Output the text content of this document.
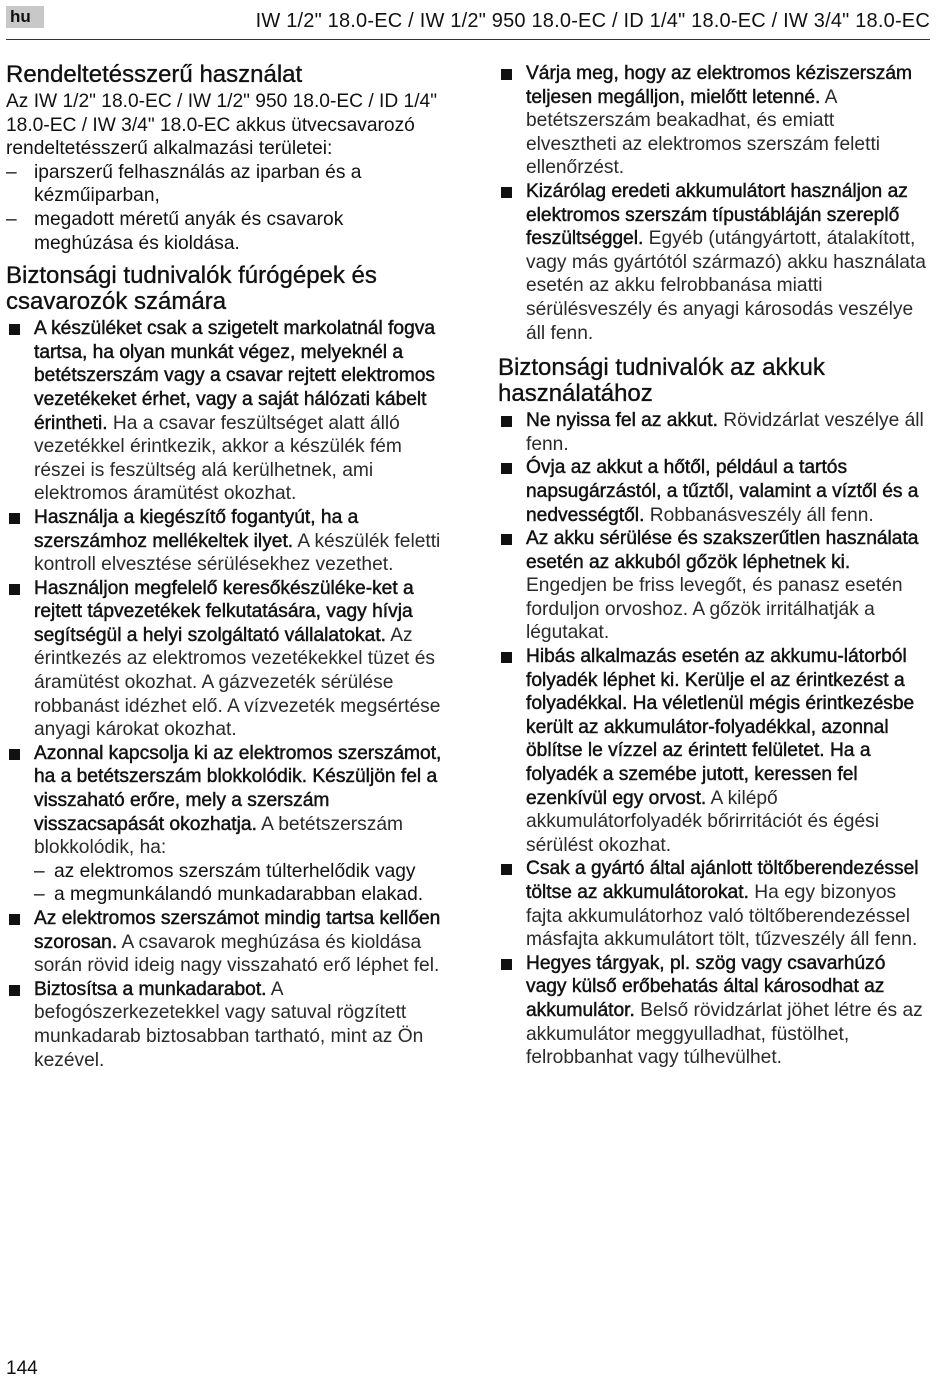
hu	IW 1/2" 18.0-EC / IW 1/2" 950 18.0-EC / ID 1/4" 18.0-EC / IW 3/4" 18.0-EC
Rendeltetésszerű használat

Az IW 1/2" 18.0-EC / IW 1/2" 950 18.0-EC / ID 1/4" 18.0-EC / IW 3/4" 18.0-EC akkus ütvecsavarozó rendeltetésszerű alkalmazási területei:

– iparszerű felhasználás az iparban és a kézműiparban,
– megadott méretű anyák és csavarok meghúzása és kioldása.
Biztonsági tudnivalók fúrógépek és csavarozók számára
A készüléket csak a szigetelt markolatnál fogva tartsa, ha olyan munkát végez, melyeknél a betétszerszám vagy a csavar rejtett elektromos vezetékeket érhet, vagy a saját hálózati kábelt érintheti. Ha a csavar feszültséget alatt álló vezetékkel érintkezik, akkor a készülék fém részei is feszültség alá kerülhetnek, ami elektromos áramütést okozhat.
Használja a kiegészítő fogantyút, ha a szerszámhoz mellékeltek ilyet. A készülék feletti kontroll elvesztése sérülésekhez vezethet.
Használjon megfelelő keresőkészüléke-ket a rejtett tápvezetékek felkutatására, vagy hívja segítségül a helyi szolgáltató vállalatokat. Az érintkezés az elektromos vezetékekkel tüzet és áramütést okozhat. A gázvezeték sérülése robbanást idézhet elő. A vízvezeték megsértése anyagi károkat okozhat.
Azonnal kapcsolja ki az elektromos szerszámot, ha a betétszerszám blokkolódik. Készüljön fel a visszaható erőre, mely a szerszám visszacsapását okozhatja. A betétszerszám blokkolódik, ha:
– az elektromos szerszám túlterhelődik vagy
– a megmunkálandó munkadarabban elakad.
Az elektromos szerszámot mindig tartsa kellően szorosan. A csavarok meghúzása és kioldása során rövid ideig nagy visszaható erő léphet fel.
Biztosítsa a munkadarabot. A befogószerkezetekkel vagy satuval rögzített munkadarab biztosabban tartható, mint az Ön kezével.
Várja meg, hogy az elektromos kéziszerszám teljesen megálljon, mielőtt letenné. A betétszerszám beakadhat, és emiatt elvesztheti az elektromos szerszám feletti ellenőrzést.
Kizárólag eredeti akkumulátort használjon az elektromos szerszám típustábláján szereplő feszültséggel. Egyéb (utángyártott, átalakított, vagy más gyártótól származó) akku használata esetén az akku felrobbanása miatti sérülésveszély és anyagi károsodás veszélye áll fenn.
Biztonsági tudnivalók az akkuk használatához
Ne nyissa fel az akkut. Rövidzárlat veszélye áll fenn.
Óvja az akkut a hőtől, például a tartós napsugárzástól, a tűztől, valamint a víztől és a nedvességtől. Robbanásveszély áll fenn.
Az akku sérülése és szakszerűtlen használata esetén az akkuból gőzök léphetnek ki. Engedjen be friss levegőt, és panasz esetén forduljon orvoshoz. A gőzök irritálhatják a légutakat.
Hibás alkalmazás esetén az akkumu-látorból folyadék léphet ki. Kerülje el az érintkezést a folyadékkal. Ha véletlenül mégis érintkezésbe került az akkumulátor-folyadékkal, azonnal öblítse le vízzel az érintett felületet. Ha a folyadék a szemébe jutott, keressen fel ezenkívül egy orvost. A kilépő akkumulátorfolyadék bőrirritációt és égési sérülést okozhat.
Csak a gyártó által ajánlott töltőberendezéssel töltse az akkumulátorokat. Ha egy bizonyos fajta akkumulátorhoz való töltőberendezéssel másfajta akkumulátort tölt, tűzveszély áll fenn.
Hegyes tárgyak, pl. szög vagy csavarhúzó vagy külső erőbehatás által károsodhat az akkumulátor. Belső rövidzárlat jöhet létre és az akkumulátor meggyulladhat, füstölhet, felrobbanhat vagy túlhevülhet.
144
